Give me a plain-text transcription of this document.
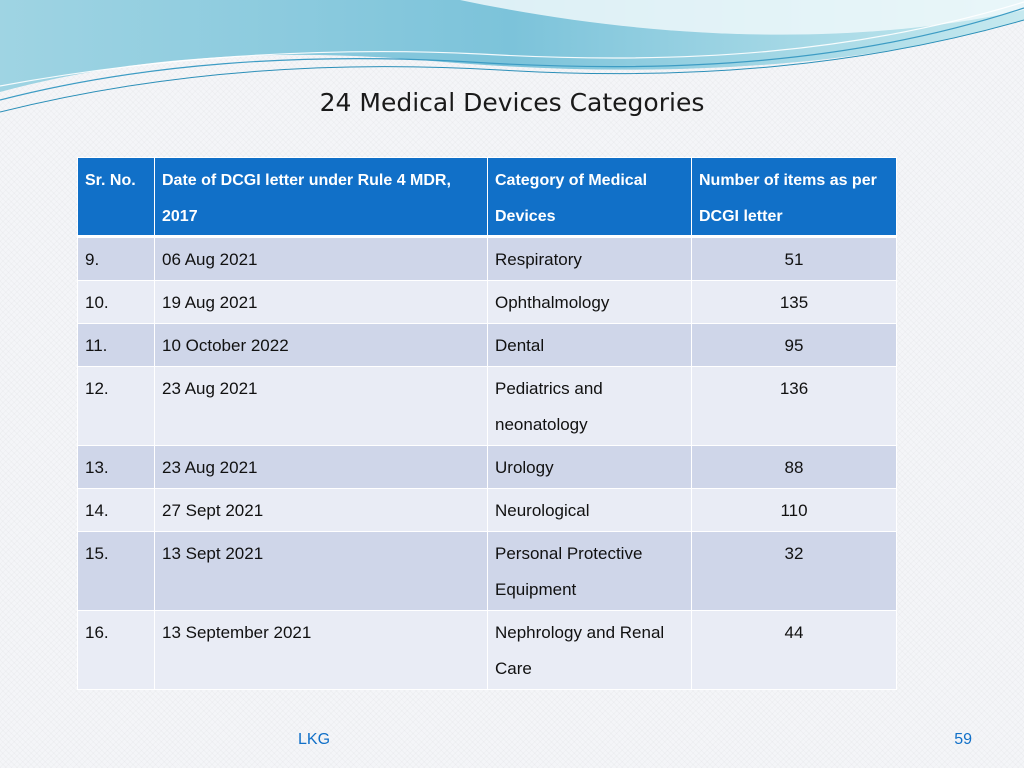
24 Medical Devices Categories
Sr. No.	Date of DCGI letter under Rule 4 MDR, 2017	Category of Medical Devices	Number of items as per DCGI letter
9.	06 Aug 2021	Respiratory	51
10.	19 Aug 2021	Ophthalmology	135
11.	10 October 2022	Dental	95
12.	23 Aug 2021	Pediatrics and neonatology	136
13.	23 Aug 2021	Urology	88
14.	27 Sept 2021	Neurological	110
15.	13 Sept 2021	Personal Protective Equipment	32
16.	13 September 2021	Nephrology and Renal Care	44
LKG	59
